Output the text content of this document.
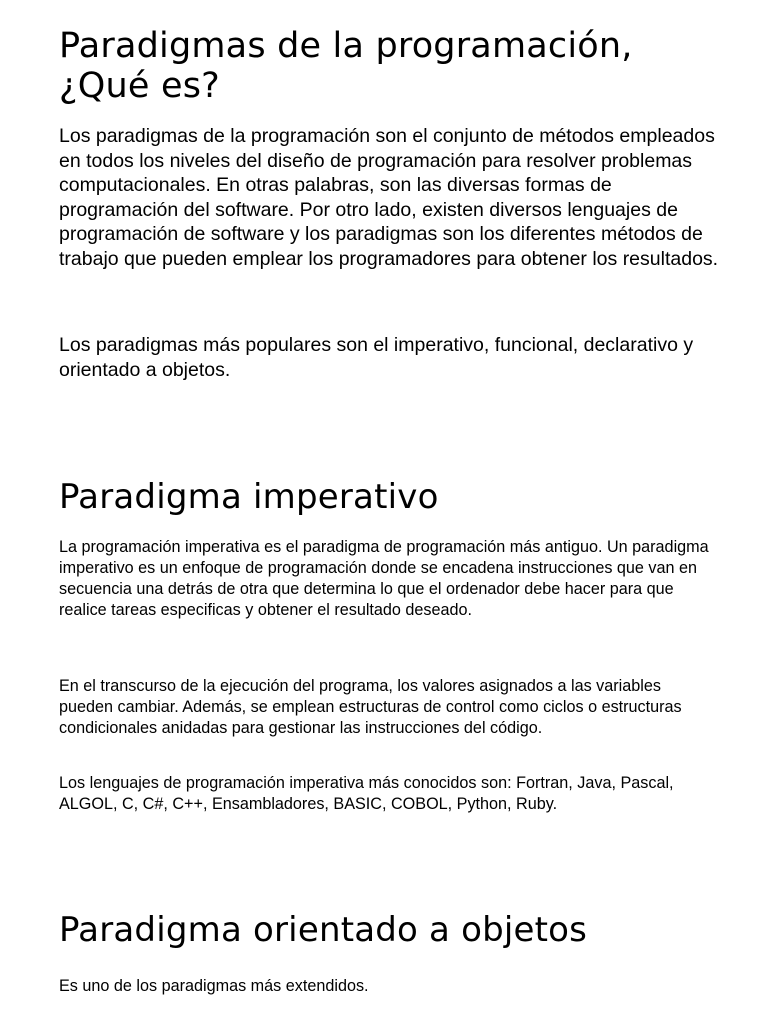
Paradigmas de la programación, ¿Qué es?

Los paradigmas de la programación son el conjunto de métodos empleados en todos los niveles del diseño de programación para resolver problemas computacionales. En otras palabras, son las diversas formas de programación del software. Por otro lado, existen diversos lenguajes de programación de software y los paradigmas son los diferentes métodos de trabajo que pueden emplear los programadores para obtener los resultados.

Los paradigmas más populares son el imperativo, funcional, declarativo y orientado a objetos.

Paradigma imperativo

La programación imperativa es el paradigma de programación más antiguo. Un paradigma imperativo es un enfoque de programación donde se encadena instrucciones que van en secuencia una detrás de otra que determina lo que el ordenador debe hacer para que realice tareas especificas y obtener el resultado deseado.

En el transcurso de la ejecución del programa, los valores asignados a las variables pueden cambiar. Además, se emplean estructuras de control como ciclos o estructuras condicionales anidadas para gestionar las instrucciones del código.

Los lenguajes de programación imperativa más conocidos son: Fortran, Java, Pascal, ALGOL, C, C#, C++, Ensambladores, BASIC, COBOL, Python, Ruby.

Paradigma orientado a objetos

Es uno de los paradigmas más extendidos.
